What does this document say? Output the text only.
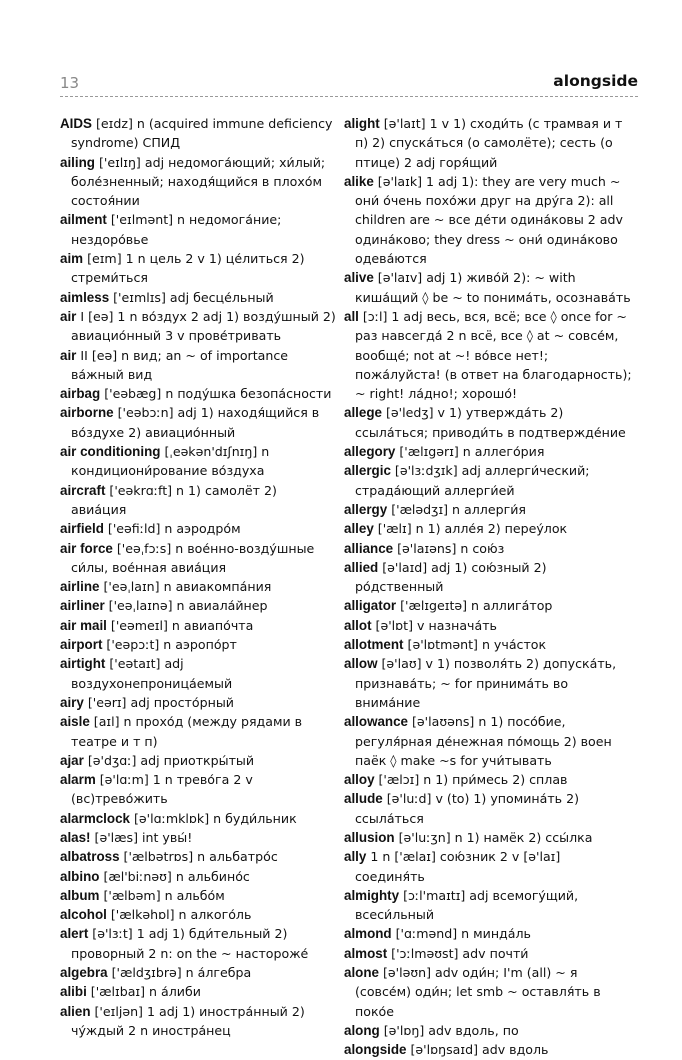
13	alongside

AIDS [eɪdz] n (acquired immune deficiency syndrome) СПИД

ailing ['eɪlɪŋ] adj недомога́ющий; хи́лый; боле́зненный; находя́щийся в плохо́м состоя́нии

ailment ['eɪlmənt] n недомога́ние; нездоро́вье

aim [eɪm] 1 n цель 2 v 1) це́литься 2) стреми́ться

aimless ['eɪmlɪs] adj бесце́льный

air I [eə] 1 n во́здух 2 adj 1) возду́шный 2) авиацио́нный 3 v прове́тривать

air II [eə] n вид; an ~ of importance ва́жный вид

airbag ['eəbæg] n поду́шка безопа́сности

airborne ['eəbɔːn] adj 1) находя́щийся в во́здухе 2) авиацио́нный

air conditioning [ˌeəkən'dɪʃnɪŋ] n кондициони́рование во́здуха

aircraft ['eəkrɑːft] n 1) самолёт 2) авиа́ция

airfield ['eəfiːld] n аэродро́м

air force ['eəˌfɔːs] n вое́нно-возду́шные си́лы, вое́нная авиа́ция

airline ['eəˌlaɪn] n авиакомпа́ния

airliner ['eəˌlaɪnə] n авиала́йнер

air mail ['eəmeɪl] n авиапо́чта

airport ['eəpɔːt] n аэропо́рт

airtight ['eətaɪt] adj воздухонепроница́емый

airy ['eərɪ] adj просто́рный

aisle [aɪl] n прохо́д (между рядами в театре и т п)

ajar [ə'dʒɑː] adj приоткры́тый

alarm [ə'lɑːm] 1 n трево́га 2 v (вс)трево́жить

alarmclock [ə'lɑːmklɒk] n буди́льник

alas! [ə'læs] int увы́!

albatross ['ælbətrɒs] n альбатро́с

albino [æl'biːnəʊ] n альбино́с

album ['ælbəm] n альбо́м

alcohol ['ælkəhɒl] n алкого́ль

alert [ə'lɜːt] 1 adj 1) бди́тельный 2) проворный 2 n: on the ~ настороже́

algebra ['ældʒɪbrə] n а́лгебра

alibi ['ælɪbaɪ] n а́либи

alien ['eɪljən] 1 adj 1) иностра́нный 2) чу́ждый 2 n иностра́нец

alight [ə'laɪt] 1 v 1) сходи́ть (с трамвая и т п) 2) спуска́ться (о самолёте); сесть (о птице) 2 adj горя́щий

alike [ə'laɪk] 1 adj 1): they are very much ~ они́ о́чень похо́жи друг на дру́га 2): all children are ~ все де́ти одина́ковы 2 adv одина́ково; they dress ~ они́ одина́ково одева́ются

alive [ə'laɪv] adj 1) живо́й 2): ~ with киша́щий ◊ be ~ to понима́ть, осознава́ть

all [ɔːl] 1 adj весь, вся, всё; все ◊ once for ~ раз навсегда́ 2 n всё, все ◊ at ~ совсе́м, вообще́; not at ~! во́все нет!; пожа́луйста! (в ответ на благодарность); ~ right! ла́дно!; хорошо́!

allege [ə'ledʒ] v 1) утвержда́ть 2) ссыла́ться; приводи́ть в подтвержде́ние

allegory ['ælɪgərɪ] n аллего́рия

allergic [ə'lɜːdʒɪk] adj аллерги́ческий; страда́ющий аллерги́ей

allergy ['ælədʒɪ] n аллерги́я

alley ['ælɪ] n 1) алле́я 2) переу́лок

alliance [ə'laɪəns] n сою́з

allied [ə'laɪd] adj 1) сою́зный 2) ро́дственный

alligator ['ælɪgeɪtə] n аллига́тор

allot [ə'lɒt] v назнача́ть

allotment [ə'lɒtmənt] n уча́сток

allow [ə'laʊ] v 1) позволя́ть 2) допуска́ть, признава́ть; ~ for принима́ть во внима́ние

allowance [ə'laʊəns] n 1) посо́бие, регуля́рная де́нежная по́мощь 2) воен паёк ◊ make ~s for учи́тывать

alloy ['ælɔɪ] n 1) при́месь 2) сплав

allude [ə'luːd] v (to) 1) упомина́ть 2) ссыла́ться

allusion [ə'luːʒn] n 1) намёк 2) ссы́лка

ally 1 n ['ælaɪ] сою́зник 2 v [ə'laɪ] соединя́ть

almighty [ɔːl'maɪtɪ] adj всемогу́щий, всеси́льный

almond ['ɑːmənd] n минда́ль

almost ['ɔːlməʊst] adv почти́

alone [ə'ləʊn] adv оди́н; I'm (all) ~ я (совсе́м) оди́н; let smb ~ оставля́ть в поко́е

along [ə'lɒŋ] adv вдоль, по

alongside [ə'lɒŋsaɪd] adv вдоль
